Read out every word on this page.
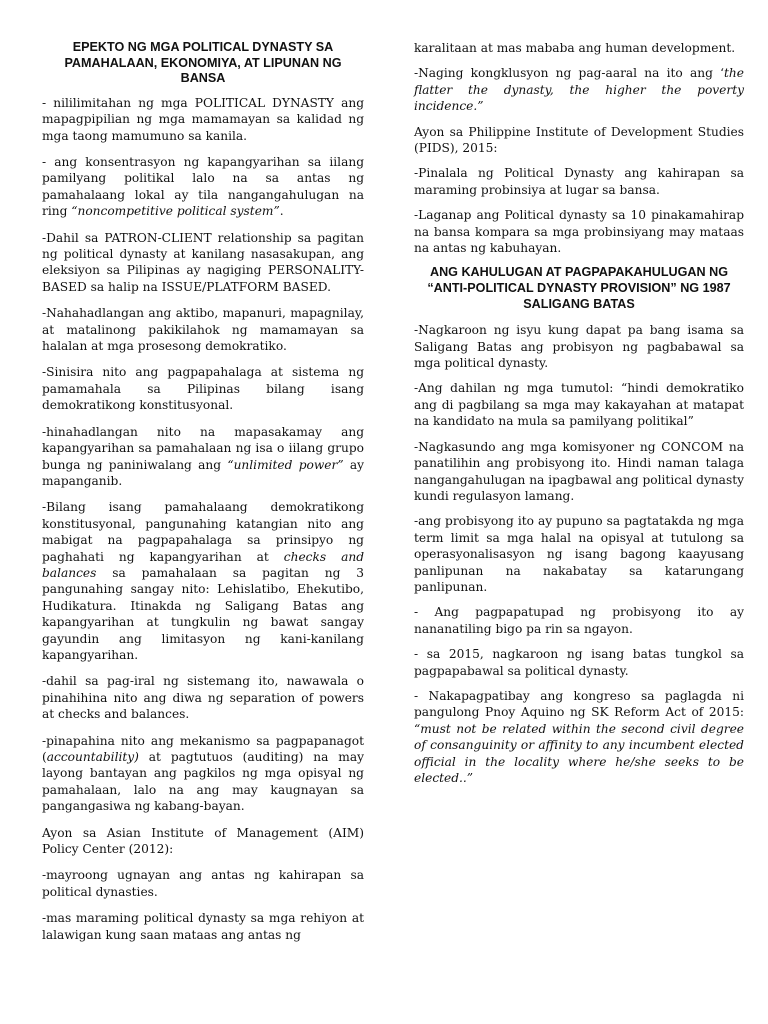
EPEKTO NG MGA POLITICAL DYNASTY SA PAMAHALAAN, EKONOMIYA, AT LIPUNAN NG BANSA

- nililimitahan ng mga POLITICAL DYNASTY ang mapagpipilian ng mga mamamayan sa kalidad ng mga taong mamumuno sa kanila.

- ang konsentrasyon ng kapangyarihan sa iilang pamilyang politikal lalo na sa antas ng pamahalaang lokal ay tila nangangahulugan na ring “noncompetitive political system”.

-Dahil sa PATRON-CLIENT relationship sa pagitan ng political dynasty at kanilang nasasakupan, ang eleksiyon sa Pilipinas ay nagiging PERSONALITY-BASED sa halip na ISSUE/PLATFORM BASED.

-Nahahadlangan ang aktibo, mapanuri, mapagnilay, at matalinong pakikilahok ng mamamayan sa halalan at mga prosesong demokratiko.

-Sinisira nito ang pagpapahalaga at sistema ng pamamahala sa Pilipinas bilang isang demokratikong konstitusyonal.

-hinahadlangan nito na mapasakamay ang kapangyarihan sa pamahalaan ng isa o iilang grupo bunga ng paniniwalang ang “unlimited power” ay mapanganib.

-Bilang isang pamahalaang demokratikong konstitusyonal, pangunahing katangian nito ang mabigat na pagpapahalaga sa prinsipyo ng paghahati ng kapangyarihan at checks and balances sa pamahalaan sa pagitan ng 3 pangunahing sangay nito: Lehislatibo, Ehekutibo, Hudikatura. Itinakda ng Saligang Batas ang kapangyarihan at tungkulin ng bawat sangay gayundin ang limitasyon ng kani-kanilang kapangyarihan.

-dahil sa pag-iral ng sistemang ito, nawawala o pinahihina nito ang diwa ng separation of powers at checks and balances.

-pinapahina nito ang mekanismo sa pagpapanagot (accountability) at pagtutuos (auditing) na may layong bantayan ang pagkilos ng mga opisyal ng pamahalaan, lalo na ang may kaugnayan sa pangangasiwa ng kabang-bayan.

Ayon sa Asian Institute of Management (AIM) Policy Center (2012):

-mayroong ugnayan ang antas ng kahirapan sa political dynasties.

-mas maraming political dynasty sa mga rehiyon at lalawigan kung saan mataas ang antas ng

karalitaan at mas mababa ang human development.

-Naging kongklusyon ng pag-aaral na ito ang ‘the flatter the dynasty, the higher the poverty incidence.”

Ayon sa Philippine Institute of Development Studies (PIDS), 2015:

-Pinalala ng Political Dynasty ang kahirapan sa maraming probinsiya at lugar sa bansa.

-Laganap ang Political dynasty sa 10 pinakamahirap na bansa kompara sa mga probinsiyang may mataas na antas ng kabuhayan.

ANG KAHULUGAN AT PAGPAPAKAHULUGAN NG “ANTI-POLITICAL DYNASTY PROVISION” NG 1987 SALIGANG BATAS

-Nagkaroon ng isyu kung dapat pa bang isama sa Saligang Batas ang probisyon ng pagbabawal sa mga political dynasty.

-Ang dahilan ng mga tumutol: “hindi demokratiko ang di pagbilang sa mga may kakayahan at matapat na kandidato na mula sa pamilyang politikal”

-Nagkasundo ang mga komisyoner ng CONCOM na panatilihin ang probisyong ito. Hindi naman talaga nangangahulugan na ipagbawal ang political dynasty kundi regulasyon lamang.

-ang probisyong ito ay pupuno sa pagtatakda ng mga term limit sa mga halal na opisyal at tutulong sa operasyonalisasyon ng isang bagong kaayusang panlipunan na nakabatay sa katarungang panlipunan.

- Ang pagpapatupad ng probisyong ito ay nananatiling bigo pa rin sa ngayon.

- sa 2015, nagkaroon ng isang batas tungkol sa pagpapabawal sa political dynasty.

- Nakapagpatibay ang kongreso sa paglagda ni pangulong Pnoy Aquino ng SK Reform Act of 2015: “must not be related within the second civil degree of consanguinity or affinity to any incumbent elected official in the locality where he/she seeks to be elected..”
